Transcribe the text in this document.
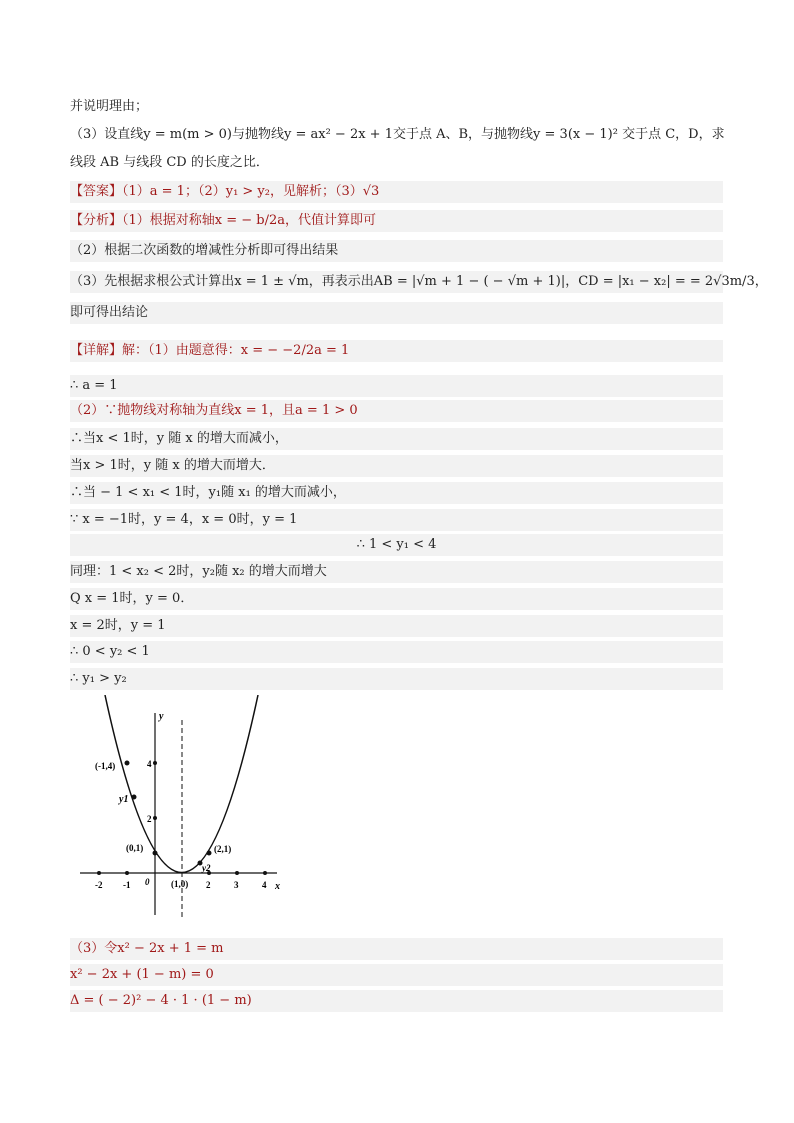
并说明理由；
（3）设直线y = m(m > 0)与抛物线y = ax² − 2x + 1交于点 A、B，与抛物线y = 3(x − 1)² 交于点 C，D，求
线段 AB 与线段 CD 的长度之比．
【答案】（1）a = 1；（2）y₁ > y₂，见解析；（3）√3
【分析】（1）根据对称轴x = − b/2a，代值计算即可
（2）根据二次函数的增减性分析即可得出结果
（3）先根据求根公式计算出x = 1 ± √m，再表示出AB = |√m + 1 − ( − √m + 1)|，CD = |x₁ − x₂| = = 2√3m/3，
即可得出结论
【详解】解：（1）由题意得：x = − −2/2a = 1
∴ a = 1
（2）∵抛物线对称轴为直线x = 1，且a = 1 > 0
∴当x < 1时，y 随 x 的增大而减小，
当x > 1时，y 随 x 的增大而增大．
∴当 − 1 < x₁ < 1时，y₁随 x₁ 的增大而减小，
∵ x = −1时，y = 4，x = 0时，y = 1
∴ 1 < y₁ < 4
同理：1 < x₂ < 2时，y₂随 x₂ 的增大而增大
Q x = 1时，y = 0．
x = 2时，y = 1
∴ 0 < y₂ < 1
∴ y₁ > y₂
(-1,4)
(0,1)	(2,1)
(1,0)
y1
y2
-2 -1 0	2	3	4
2
4
x
y
（3）令x² − 2x + 1 = m
x² − 2x + (1 − m) = 0
Δ = ( − 2)² − 4 · 1 · (1 − m)
